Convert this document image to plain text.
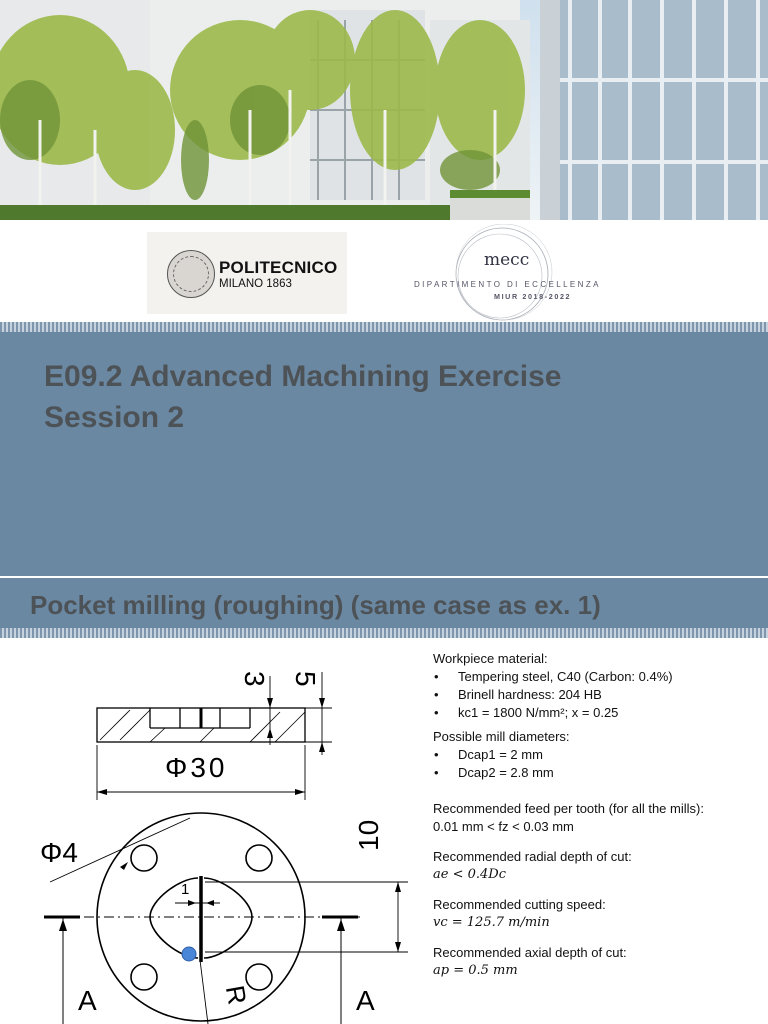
POLITECNICO
MILANO 1863
mecc
DIPARTIMENTO DI ECCELLENZA
MIUR 2018-2022
E09.2 Advanced Machining Exercise
Session 2
Pocket milling (roughing) (same case as ex. 1)
3 5
Φ30
Φ4
10
1
A	A
R
Workpiece material:
• Tempering steel, C40 (Carbon: 0.4%)
• Brinell hardness: 204 HB
• kc1 = 1800 N/mm²; x = 0.25
Possible mill diameters:
• Dcap1 = 2 mm
• Dcap2 = 2.8 mm
Recommended feed per tooth (for all the mills):
0.01 mm < fz < 0.03 mm
Recommended radial depth of cut:
ae < 0.4Dc
Recommended cutting speed:
vc = 125.7 m/min
Recommended axial depth of cut:
ap = 0.5 mm
